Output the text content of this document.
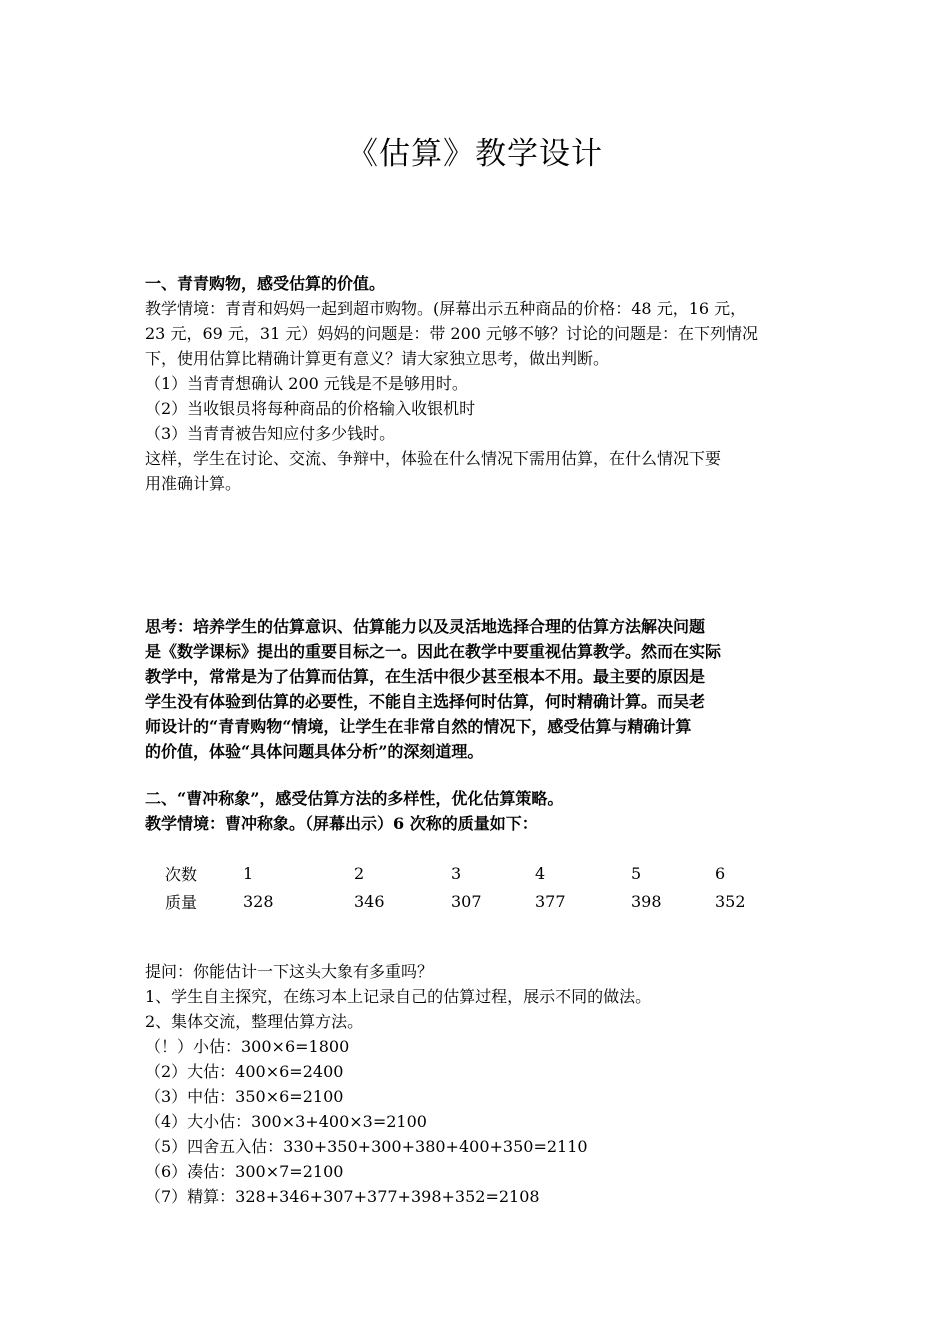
《估算》教学设计
一、青青购物，感受估算的价值。
教学情境：青青和妈妈一起到超市购物。(屏幕出示五种商品的价格：48 元，16 元，
23 元，69 元，31 元）妈妈的问题是：带 200 元够不够？讨论的问题是：在下列情况
下，使用估算比精确计算更有意义？请大家独立思考，做出判断。
（1）当青青想确认 200 元钱是不是够用时。
（2）当收银员将每种商品的价格输入收银机时
（3）当青青被告知应付多少钱时。
这样，学生在讨论、交流、争辩中，体验在什么情况下需用估算，在什么情况下要
用准确计算。
思考：培养学生的估算意识、估算能力以及灵活地选择合理的估算方法解决问题
是《数学课标》提出的重要目标之一。因此在教学中要重视估算教学。然而在实际
教学中，常常是为了估算而估算，在生活中很少甚至根本不用。最主要的原因是
学生没有体验到估算的必要性，不能自主选择何时估算，何时精确计算。而吴老
师设计的“青青购物“情境，让学生在非常自然的情况下，感受估算与精确计算
的价值，体验“具体问题具体分析”的深刻道理。
二、“曹冲称象”，感受估算方法的多样性，优化估算策略。
教学情境：曹冲称象。（屏幕出示）6 次称的质量如下：
次数	1	2	3	4	5	6
质量	328	346	307	377	398	352
提问：你能估计一下这头大象有多重吗？
1、学生自主探究，在练习本上记录自己的估算过程，展示不同的做法。
2、集体交流，整理估算方法。
（！）小估：300×6=1800
（2）大估：400×6=2400
（3）中估：350×6=2100
（4）大小估：300×3+400×3=2100
（5）四舍五入估：330+350+300+380+400+350=2110
（6）凑估：300×7=2100
（7）精算：328+346+307+377+398+352=2108
